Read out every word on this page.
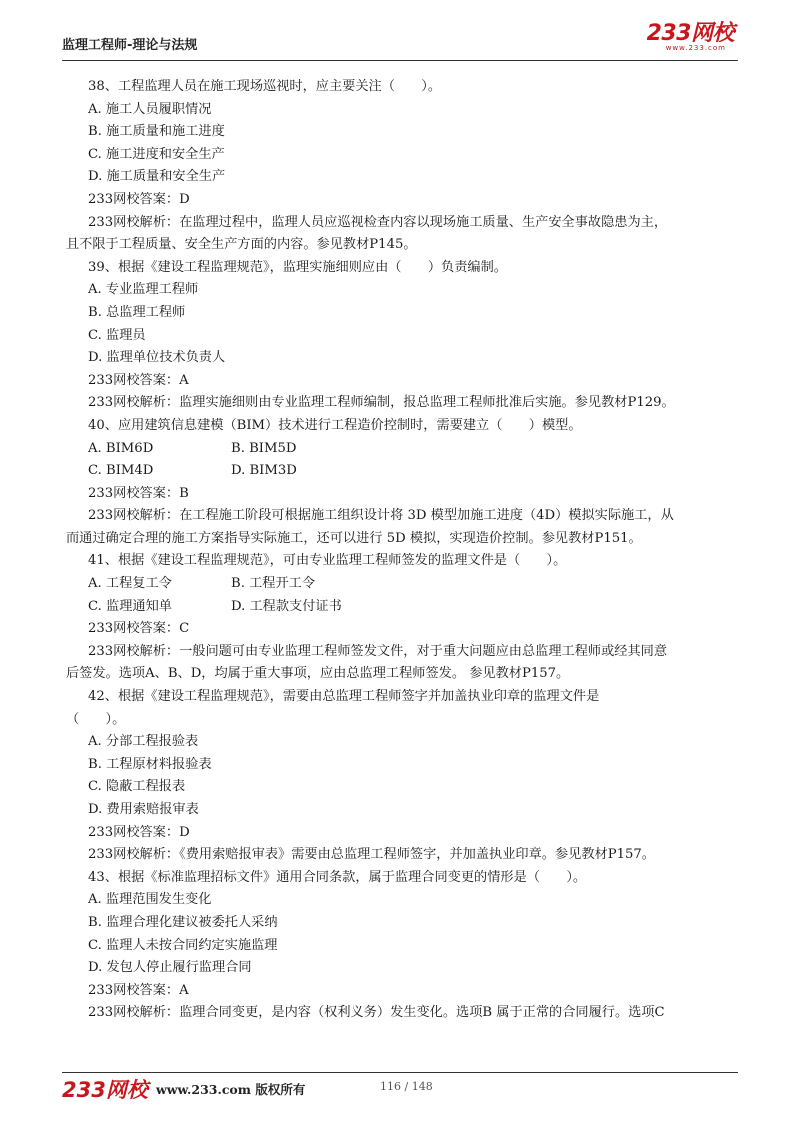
监理工程师-理论与法规	233网校
www.233.com
38、工程监理人员在施工现场巡视时，应主要关注（　　）。
A. 施工人员履职情况
B. 施工质量和施工进度
C. 施工进度和安全生产
D. 施工质量和安全生产
233网校答案：D
233网校解析：在监理过程中，监理人员应巡视检查内容以现场施工质量、生产安全事故隐患为主，
且不限于工程质量、安全生产方面的内容。参见教材P145。
39、根据《建设工程监理规范》，监理实施细则应由（　　）负责编制。
A. 专业监理工程师
B. 总监理工程师
C. 监理员
D. 监理单位技术负责人
233网校答案：A
233网校解析：监理实施细则由专业监理工程师编制，报总监理工程师批准后实施。参见教材P129。
40、应用建筑信息建模（BIM）技术进行工程造价控制时，需要建立（　　）模型。
A. BIM6D	B. BIM5D
C. BIM4D	D. BIM3D
233网校答案：B
233网校解析：在工程施工阶段可根据施工组织设计将 3D 模型加施工进度（4D）模拟实际施工，从
而通过确定合理的施工方案指导实际施工，还可以进行 5D 模拟，实现造价控制。参见教材P151。
41、根据《建设工程监理规范》，可由专业监理工程师签发的监理文件是（　　）。
A. 工程复工令	B. 工程开工令
C. 监理通知单	D. 工程款支付证书
233网校答案：C
233网校解析：一般问题可由专业监理工程师签发文件，对于重大问题应由总监理工程师或经其同意
后签发。选项A、B、D，均属于重大事项，应由总监理工程师签发。 参见教材P157。
42、根据《建设工程监理规范》，需要由总监理工程师签字并加盖执业印章的监理文件是
（　　）。
A. 分部工程报验表
B. 工程原材料报验表
C. 隐蔽工程报表
D. 费用索赔报审表
233网校答案：D
233网校解析：《费用索赔报审表》需要由总监理工程师签字，并加盖执业印章。参见教材P157。
43、根据《标准监理招标文件》通用合同条款，属于监理合同变更的情形是（　　）。
A. 监理范围发生变化
B. 监理合理化建议被委托人采纳
C. 监理人未按合同约定实施监理
D. 发包人停止履行监理合同
233网校答案：A
233网校解析：监理合同变更，是内容（权利义务）发生变化。选项B 属于正常的合同履行。选项C
233网校 www.233.com 版权所有	116 / 148
